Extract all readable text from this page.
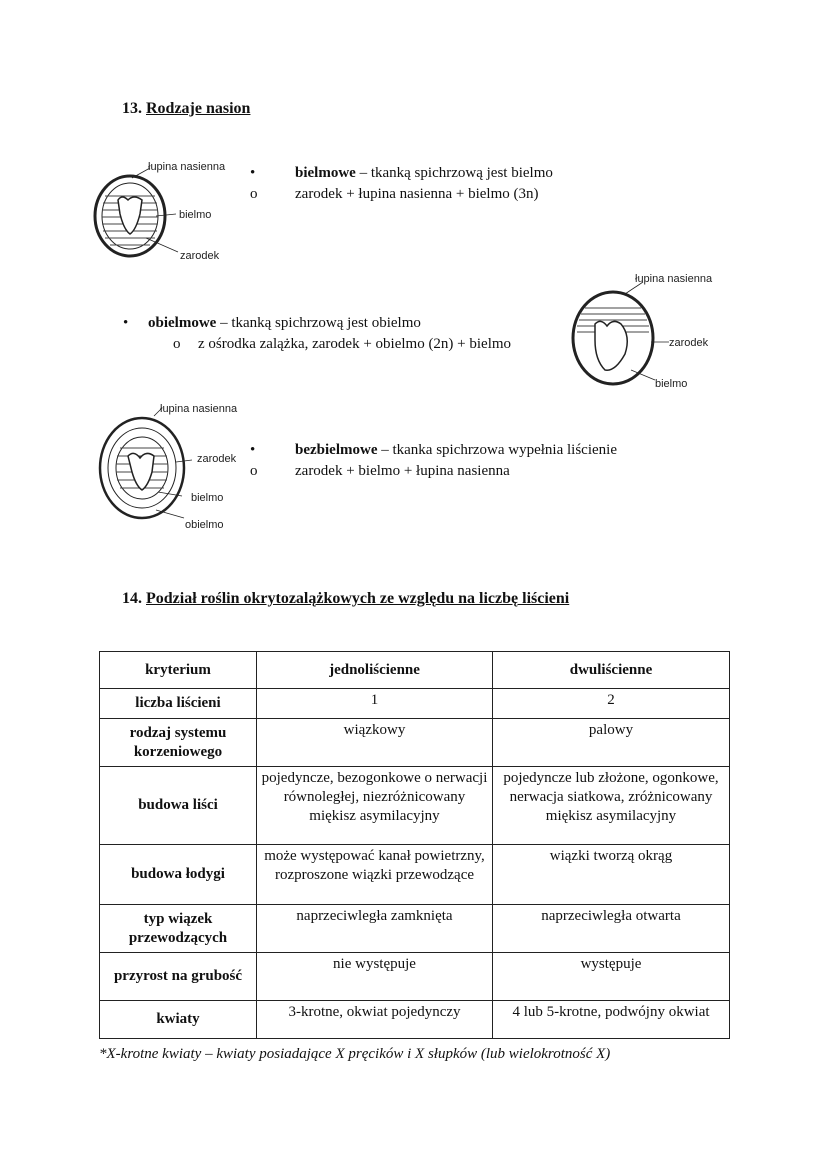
13. Rodzaje nasion
łupina nasienna
bielmo
zarodek
•	bielmowe – tkanką spichrzową jest bielmo
o	zarodek + łupina nasienna + bielmo (3n)
• obielmowe – tkanką spichrzową jest obielmo
o z ośrodka zalążka, zarodek + obielmo (2n) + bielmo
łupina nasienna
zarodek
bielmo
łupina nasienna
zarodek
bielmo
obielmo
•	bezbielmowe – tkanka spichrzowa wypełnia liścienie
o	zarodek + bielmo + łupina nasienna
14. Podział roślin okrytozalążkowych ze względu na liczbę liścieni
kryterium	jednoliścienne	dwuliścienne
liczba liścieni	1	2
rodzaj systemu korzeniowego	wiązkowy	palowy
budowa liści	pojedyncze, bezogonkowe o nerwacji równoległej, niezróżnicowany miękisz asymilacyjny	pojedyncze lub złożone, ogonkowe, nerwacja siatkowa, zróżnicowany miękisz asymilacyjny
budowa łodygi	może występować kanał powietrzny, rozproszone wiązki przewodzące	wiązki tworzą okrąg
typ wiązek przewodzących	naprzeciwległa zamknięta	naprzeciwległa otwarta
przyrost na grubość	nie występuje	występuje
kwiaty	3-krotne, okwiat pojedynczy	4 lub 5-krotne, podwójny okwiat
*X-krotne kwiaty – kwiaty posiadające X pręcików i X słupków (lub wielokrotność X)
